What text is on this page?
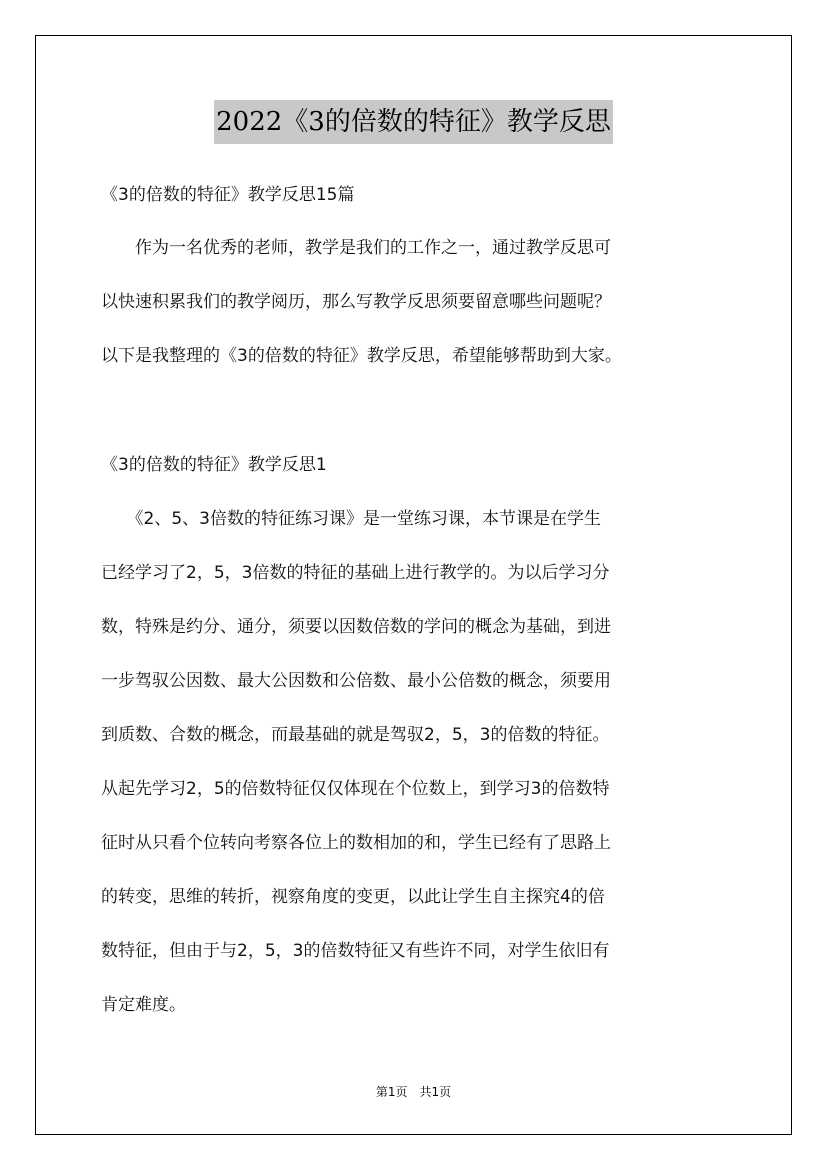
2022《3的倍数的特征》教学反思
《3的倍数的特征》教学反思15篇
　　作为一名优秀的老师，教学是我们的工作之一，通过教学反思可
以快速积累我们的教学阅历，那么写教学反思须要留意哪些问题呢？
以下是我整理的《3的倍数的特征》教学反思，希望能够帮助到大家。
《3的倍数的特征》教学反思1
　　《2、5、3倍数的特征练习课》是一堂练习课，本节课是在学生
已经学习了2，5，3倍数的特征的基础上进行教学的。为以后学习分
数，特殊是约分、通分，须要以因数倍数的学问的概念为基础，到进
一步驾驭公因数、最大公因数和公倍数、最小公倍数的概念，须要用
到质数、合数的概念，而最基础的就是驾驭2，5，3的倍数的特征。
从起先学习2，5的倍数特征仅仅体现在个位数上，到学习3的倍数特
征时从只看个位转向考察各位上的数相加的和，学生已经有了思路上
的转变，思维的转折，视察角度的变更，以此让学生自主探究4的倍
数特征，但由于与2，5，3的倍数特征又有些许不同，对学生依旧有
肯定难度。
第1页　共1页
